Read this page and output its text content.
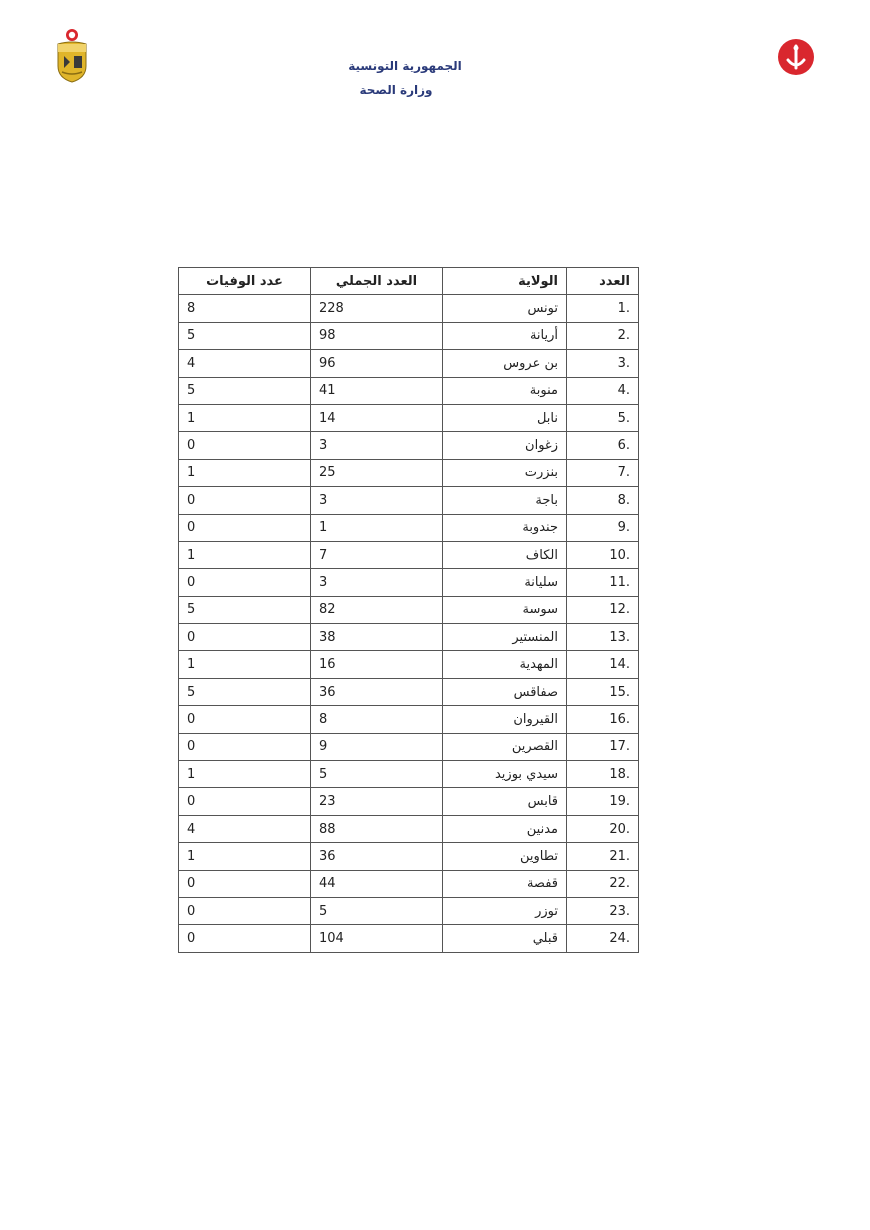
الجمهورية التونسية
وزارة الصحة
العدد	الولاية	العدد الجملي	عدد الوفيات
1.	تونس	228	8
2.	أريانة	98	5
3.	بن عروس	96	4
4.	منوبة	41	5
5.	نابل	14	1
6.	زغوان	3	0
7.	بنزرت	25	1
8.	باجة	3	0
9.	جندوبة	1	0
10.	الكاف	7	1
11.	سليانة	3	0
12.	سوسة	82	5
13.	المنستير	38	0
14.	المهدية	16	1
15.	صفاقس	36	5
16.	القيروان	8	0
17.	القصرين	9	0
18.	سيدي بوزيد	5	1
19.	قابس	23	0
20.	مدنين	88	4
21.	تطاوين	36	1
22.	قفصة	44	0
23.	توزر	5	0
24.	قبلي	104	0
